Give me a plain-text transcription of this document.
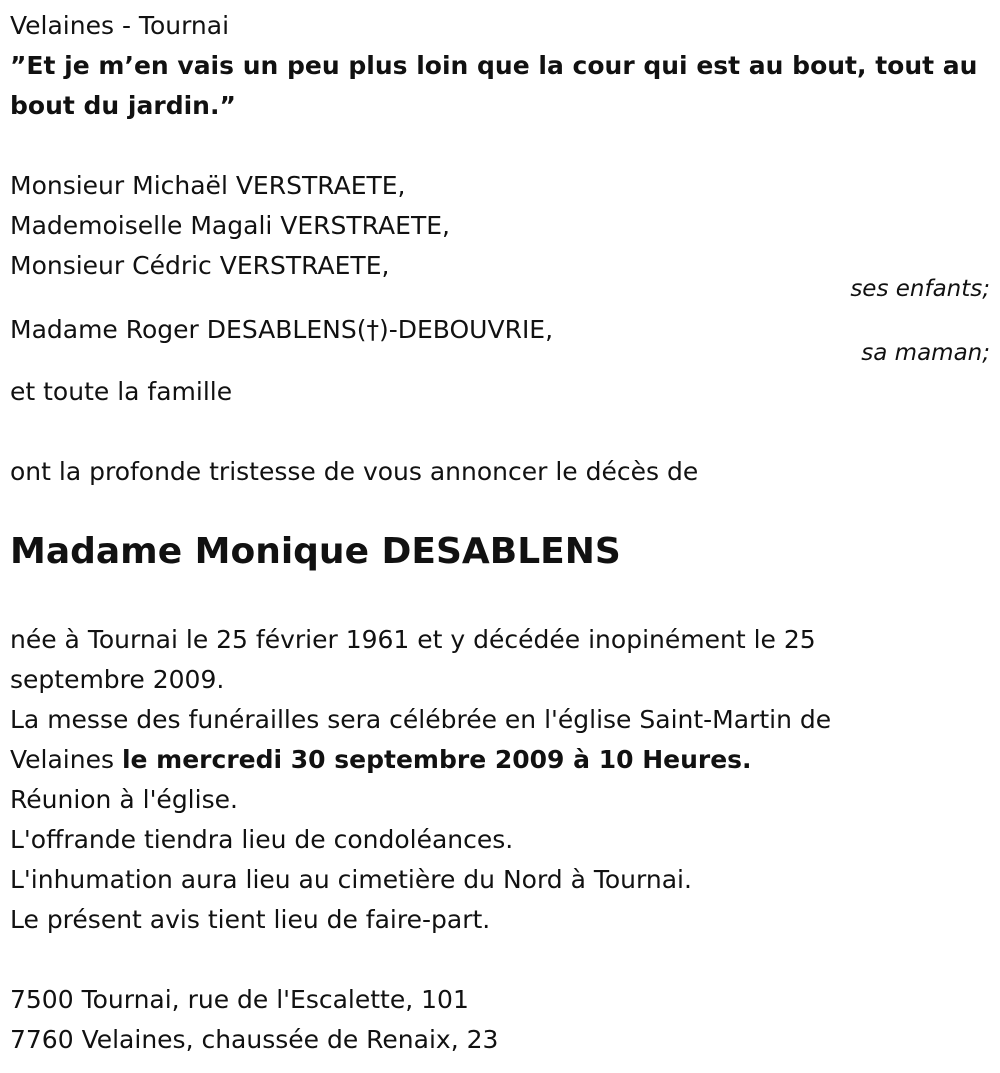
Velaines - Tournai
”Et je m’en vais un peu plus loin que la cour qui est au bout, tout au bout du jardin.”
Monsieur Michaël VERSTRAETE,
Mademoiselle Magali VERSTRAETE,
Monsieur Cédric VERSTRAETE,
ses enfants;
Madame Roger DESABLENS(†)-DEBOUVRIE,
sa maman;
et toute la famille
ont la profonde tristesse de vous annoncer le décès de
Madame Monique DESABLENS
née à Tournai le 25 février 1961 et y décédée inopinément le 25
septembre 2009.
La messe des funérailles sera célébrée en l'église Saint-Martin de
Velaines le mercredi 30 septembre 2009 à 10 Heures.
Réunion à l'église.
L'offrande tiendra lieu de condoléances.
L'inhumation aura lieu au cimetière du Nord à Tournai.
Le présent avis tient lieu de faire-part.
7500 Tournai, rue de l'Escalette, 101
7760 Velaines, chaussée de Renaix, 23
